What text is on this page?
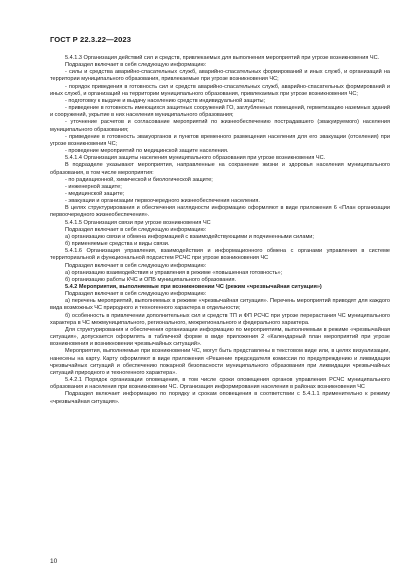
ГОСТ Р 22.3.22—2023

5.4.1.3 Организация действий сил и средств, привлекаемых для выполнения мероприятий при угрозе возникновения ЧС.

Подраздел включает в себя следующую информацию:

- силы и средства аварийно-спасательных служб, аварийно-спасательных формирований и иных служб, и организаций на территории муниципального образования, привлекаемые при угрозе возникновения ЧС;

- порядок приведения в готовность сил и средств аварийно-спасательных служб, аварийно-спасательных формирований и иных служб, и организаций на территории муниципального образования, привлекаемых при угрозе возникновения ЧС;

- подготовку к выдаче и выдачу населению средств индивидуальной защиты;

- приведение в готовность имеющихся защитных сооружений ГО, заглубленных помещений, герметизацию наземных зданий и сооружений, укрытие в них населения муниципального образования;

- уточнение расчетов и согласование мероприятий по жизнеобеспечению пострадавшего (эвакуируемого) населения муниципального образования;

- приведение в готовность эвакуорганов и пунктов временного размещения населения для его эвакуации (отселения) при угрозе возникновения ЧС;

- проведение мероприятий по медицинской защите населения.

5.4.1.4 Организация защиты населения муниципального образования при угрозе возникновения ЧС.

В подразделе указывают мероприятия, направленные на сохранение жизни и здоровья населения муниципального образования, в том числе мероприятия:

- по радиационной, химической и биологической защите;

- инженерной защите;

- медицинской защите;

- эвакуации и организации первоочередного жизнеобеспечения населения.

В целях структурирования и обеспечения наглядности информацию оформляют в виде приложения 6 «План организации первоочередного жизнеобеспечения».

5.4.1.5 Организация связи при угрозе возникновения ЧС

Подраздел включает в себя следующую информацию:

а) организацию связи и обмена информацией с взаимодействующими и подчиненными силами;

б) применяемые средства и виды связи.

5.4.1.6 Организация управления, взаимодействия и информационного обмена с органами управления в системе территориальной и функциональной подсистем РСЧС при угрозе возникновения ЧС

Подраздел включает в себя следующую информацию:

а) организацию взаимодействия и управления в режиме «повышенная готовность»;

б) организацию работы КЧС и ОПБ муниципального образования.

5.4.2 Мероприятия, выполняемые при возникновении ЧС (режим «чрезвычайная ситуация»)

Подраздел включает в себя следующую информацию:

а) перечень мероприятий, выполняемых в режиме «чрезвычайная ситуация». Перечень мероприятий приводят для каждого вида возможных ЧС природного и техногенного характера в отдельности;

б) особенность в привлечении дополнительных сил и средств ТП и ФП РСЧС при угрозе перерастания ЧС муниципального характера в ЧС межмуниципального, регионального, межрегионального и федерального характера.

Для структурирования и обеспечения организации информацию по мероприятиям, выполняемым в режиме «чрезвычайная ситуация», допускается оформлять в табличной форме в виде приложения 2 «Календарный план мероприятий при угрозе возникновения и возникновении чрезвычайных ситуаций».

Мероприятия, выполняемые при возникновении ЧС, могут быть представлены в текстовом виде или, в целях визуализации, нанесены на карту. Карту оформляют в виде приложения «Решение председателя комиссии по предупреждению и ликвидации чрезвычайных ситуаций и обеспечению пожарной безопасности муниципального образования при ликвидации чрезвычайных ситуаций природного и техногенного характера».

5.4.2.1 Порядок организации оповещения, в том числе сроки оповещения органов управления РСЧС муниципального образования и населения при возникновении ЧС. Организация информирования населения в районах возникновения ЧС

Подраздел включает информацию по порядку и срокам оповещения в соответствии с 5.4.1.1 применительно к режиму «чрезвычайная ситуация».

10
